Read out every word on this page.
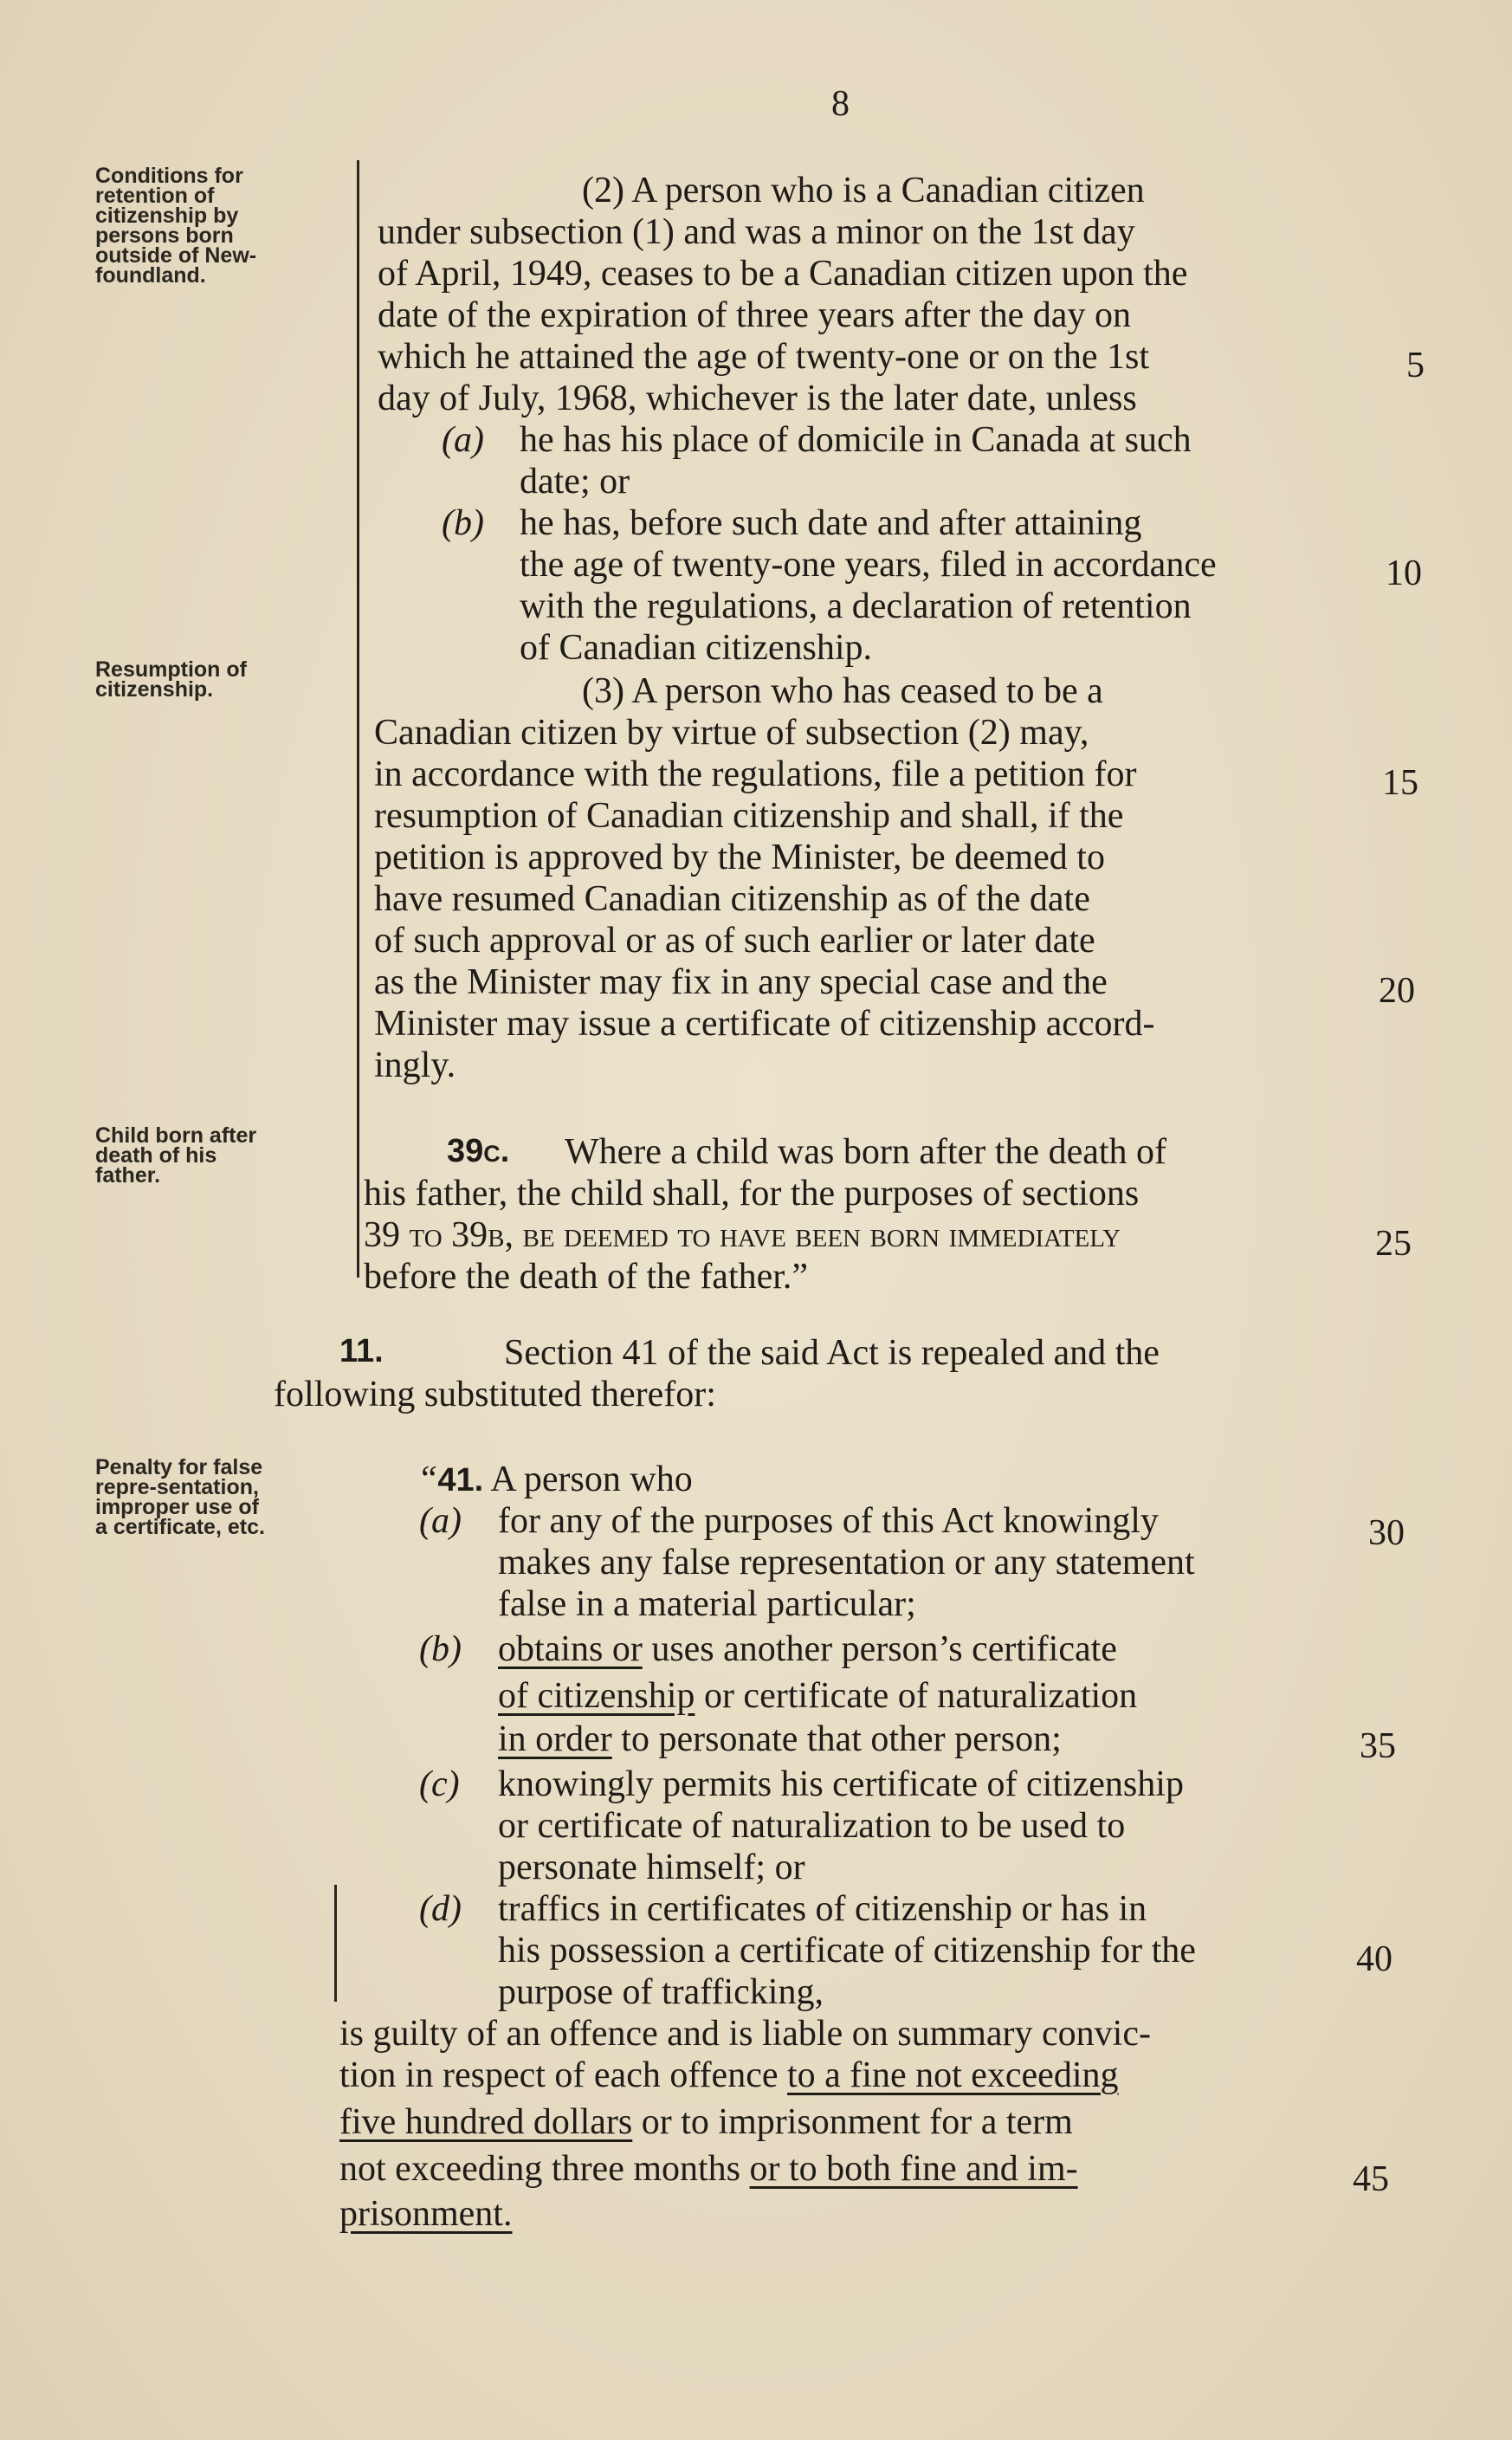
8
Conditions for retention of citizenship by persons born outside of New-foundland.
Resumption of citizenship.
Child born after death of his father.
Penalty for false repre-sentation, improper use of a certificate, etc.
(2) A person who is a Canadian citizen
under subsection (1) and was a minor on the 1st day
of April, 1949, ceases to be a Canadian citizen upon the
date of the expiration of three years after the day on
which he attained the age of twenty-one or on the 1st
day of July, 1968, whichever is the later date, unless
(a) he has his place of domicile in Canada at such
date; or
(b) he has, before such date and after attaining
the age of twenty-one years, filed in accordance
with the regulations, a declaration of retention
of Canadian citizenship.
(3) A person who has ceased to be a
Canadian citizen by virtue of subsection (2) may,
in accordance with the regulations, file a petition for
resumption of Canadian citizenship and shall, if the
petition is approved by the Minister, be deemed to
have resumed Canadian citizenship as of the date
of such approval or as of such earlier or later date
as the Minister may fix in any special case and the
Minister may issue a certificate of citizenship accord-
ingly.
39c. Where a child was born after the death of
his father, the child shall, for the purposes of sections
39 to 39b, be deemed to have been born immediately
before the death of the father.”
11.	Section 41 of the said Act is repealed and the
following substituted therefor:
“41. A person who
(a) for any of the purposes of this Act knowingly
makes any false representation or any statement
false in a material particular;
(b) obtains or uses another person’s certificate
of citizenship or certificate of naturalization
in order to personate that other person;
(c) knowingly permits his certificate of citizenship
or certificate of naturalization to be used to
personate himself; or
(d) traffics in certificates of citizenship or has in
his possession a certificate of citizenship for the
purpose of trafficking,
is guilty of an offence and is liable on summary convic-
tion in respect of each offence to a fine not exceeding
five hundred dollars or to imprisonment for a term
not exceeding three months or to both fine and im-
prisonment.
5
10
15
20
25
30
35
40
45
